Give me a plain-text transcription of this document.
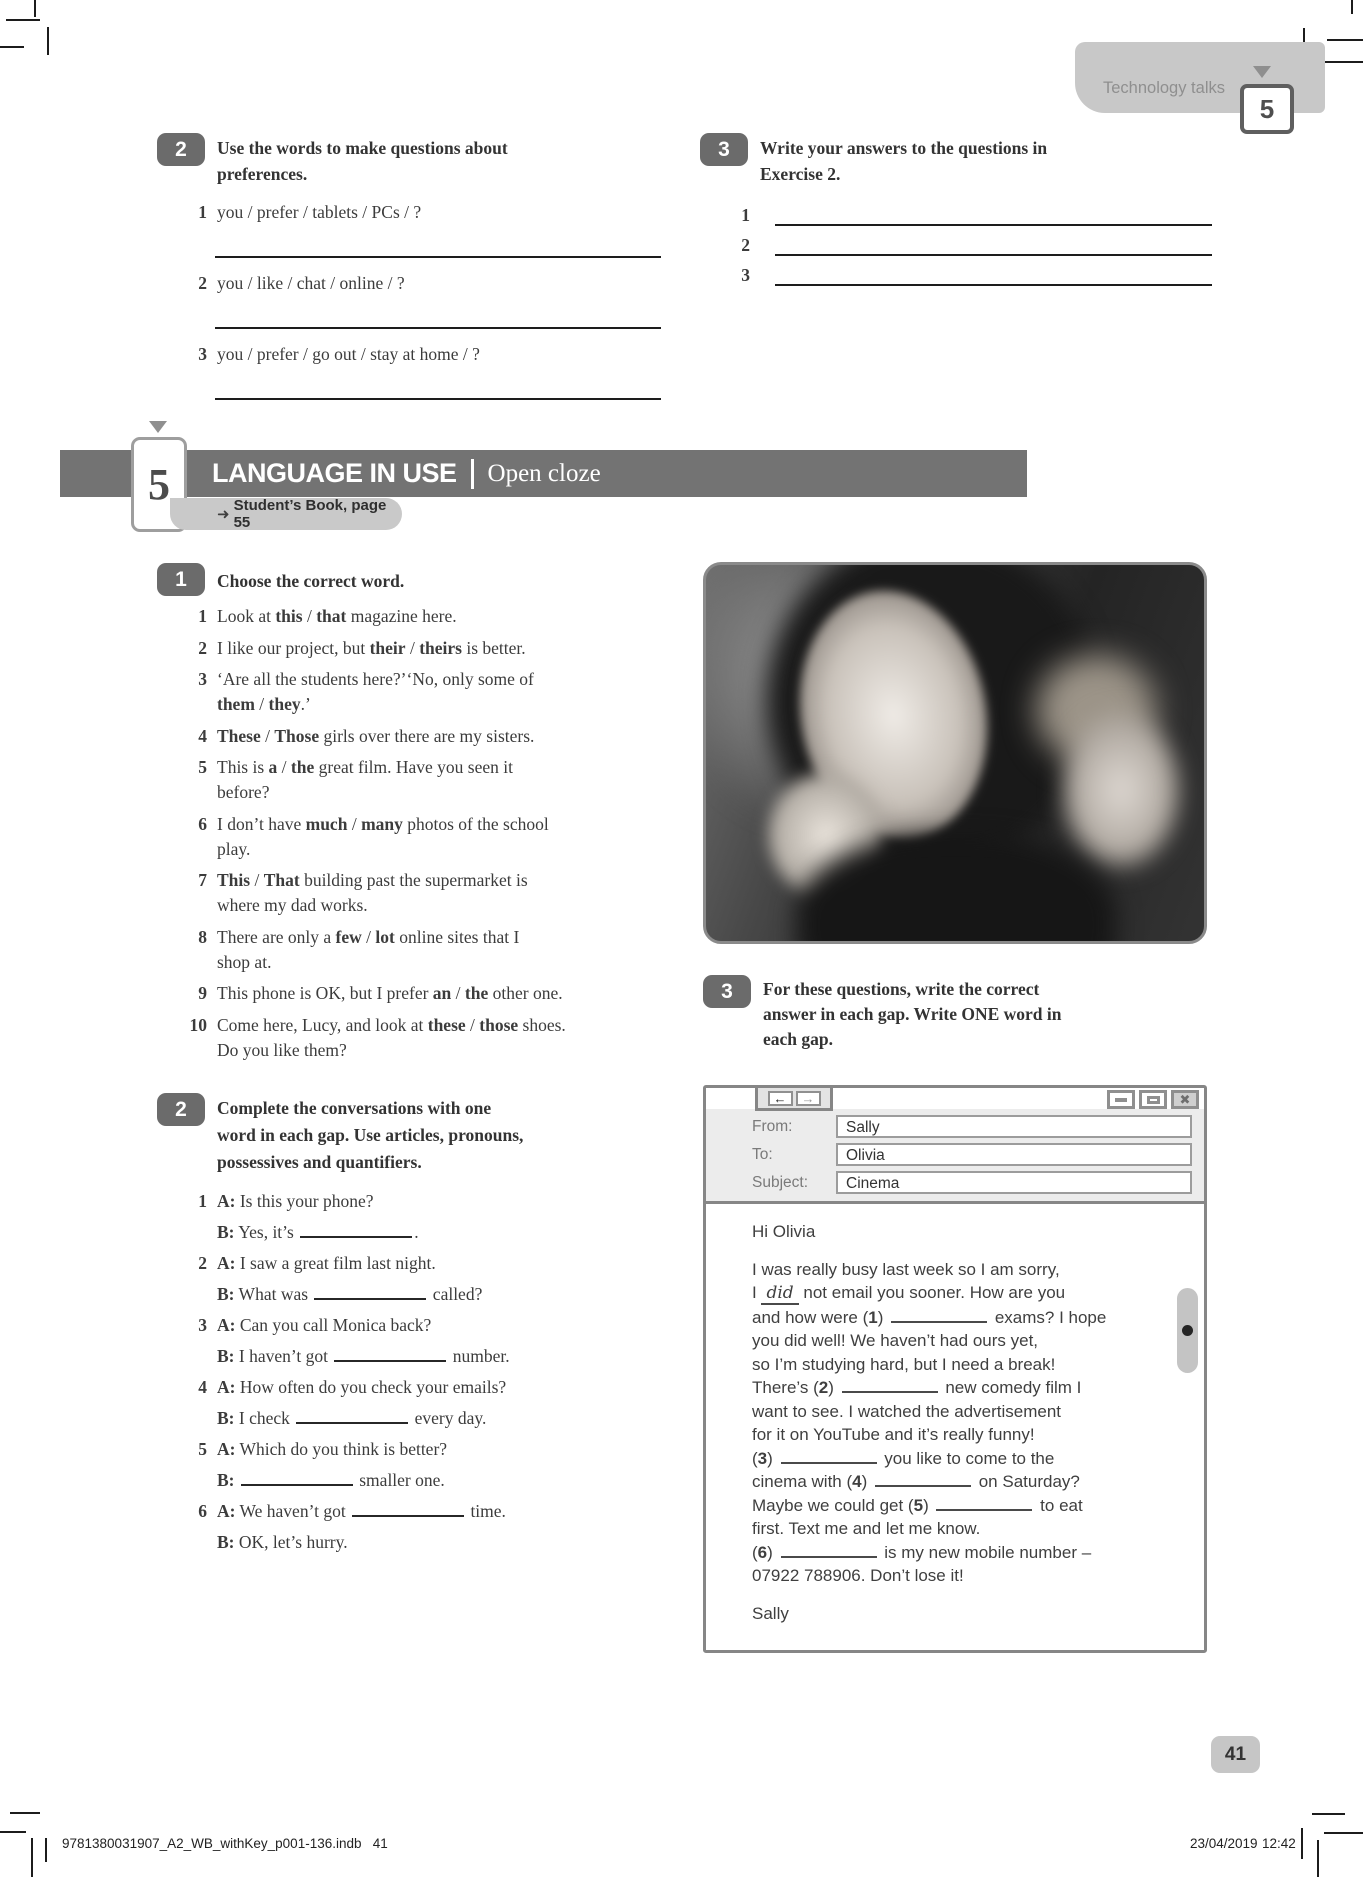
Technology talks
5
2	Use the words to make questions about
preferences.
1 you / prefer / tablets / PCs / ?
2 you / like / chat / online / ?
3 you / prefer / go out / stay at home / ?
3	Write your answers to the questions in
Exercise 2.
1
2
3
LANGUAGE IN USE Open cloze
5
➜ Student’s Book, page 55
1	Choose the correct word.
1 Look at this / that magazine here.
2 I like our project, but their / theirs is better.
3 ‘Are all the students here?’‘No, only some of
them / they.’
4 These / Those girls over there are my sisters.
5 This is a / the great film. Have you seen it
before?
6 I don’t have much / many photos of the school
play.
7 This / That building past the supermarket is
where my dad works.
8 There are only a few / lot online sites that I
shop at.
9 This phone is OK, but I prefer an / the other one.
10 Come here, Lucy, and look at these / those shoes.
Do you like them?
2	Complete the conversations with one
word in each gap. Use articles, pronouns,
possessives and quantifiers.
1 A: Is this your phone?
B: Yes, it’s	.
2 A: I saw a great film last night.
B: What was	called?
3 A: Can you call Monica back?
B: I haven’t got	number.
4 A: How often do you check your emails?
B: I check	every day.
5 A: Which do you think is better?
B:	smaller one.
6 A: We haven’t got	time.
B: OK, let’s hurry.
3	For these questions, write the correct
answer in each gap. Write ONE word in
each gap.
←	→	✖
From:	Sally
To:	Olivia
Subject:	Cinema
Hi Olivia
I was really busy last week so I am sorry,
I did not email you sooner. How are you
and how were (1)	exams? I hope
you did well! We haven’t had ours yet,
so I’m studying hard, but I need a break!
There’s (2)	new comedy film I
want to see. I watched the advertisement
for it on YouTube and it’s really funny!
(3)	you like to come to the
cinema with (4)	on Saturday?
Maybe we could get (5)	to eat
first. Text me and let me know.
(6)	is my new mobile number –
07922 788906. Don’t lose it!
Sally
41
9781380031907_A2_WB_withKey_p001-136.indb   41	23/04/2019 12:42
